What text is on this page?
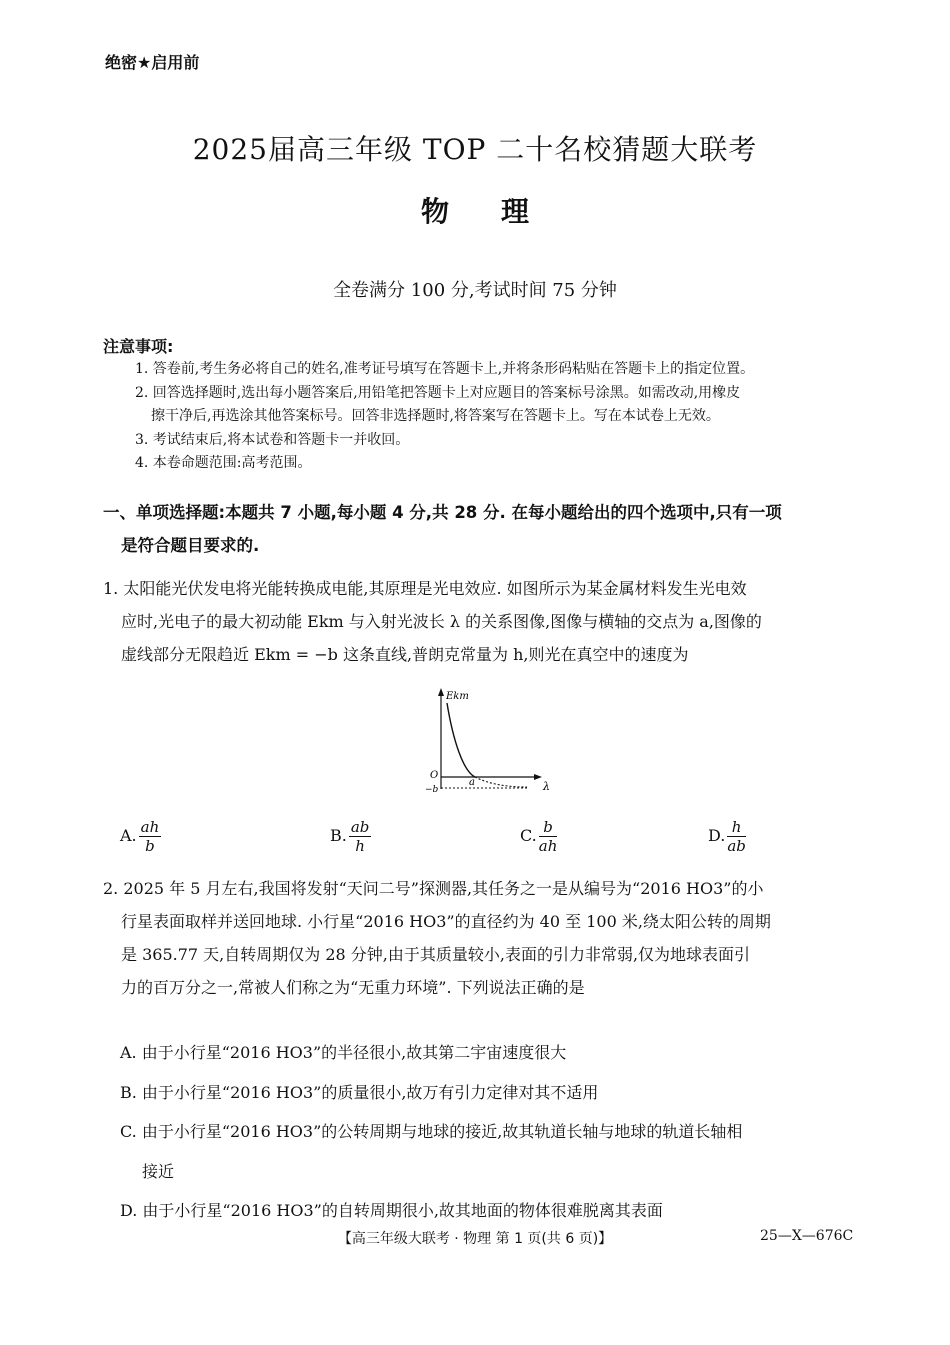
绝密★启用前
2025届高三年级 TOP 二十名校猜题大联考
物 理
全卷满分 100 分,考试时间 75 分钟
注意事项:
1. 答卷前,考生务必将自己的姓名,准考证号填写在答题卡上,并将条形码粘贴在答题卡上的指定位置。
2. 回答选择题时,选出每小题答案后,用铅笔把答题卡上对应题目的答案标号涂黑。如需改动,用橡皮
擦干净后,再选涂其他答案标号。回答非选择题时,将答案写在答题卡上。写在本试卷上无效。
3. 考试结束后,将本试卷和答题卡一并收回。
4. 本卷命题范围:高考范围。
一、单项选择题:本题共 7 小题,每小题 4 分,共 28 分. 在每小题给出的四个选项中,只有一项
是符合题目要求的.
1. 太阳能光伏发电将光能转换成电能,其原理是光电效应. 如图所示为某金属材料发生光电效
应时,光电子的最大初动能 Ekm 与入射光波长 λ 的关系图像,图像与横轴的交点为 a,图像的
虚线部分无限趋近 Ekm = −b 这条直线,普朗克常量为 h,则光在真空中的速度为
Ekm
λ
O
−b
a
A. $\frac{ah}{b}$	B. $\frac{ab}{h}$	C. $\frac{b}{ah}$	D. $\frac{h}{ab}$
2. 2025 年 5 月左右,我国将发射“天问二号”探测器,其任务之一是从编号为“2016 HO3”的小
行星表面取样并送回地球. 小行星“2016 HO3”的直径约为 40 至 100 米,绕太阳公转的周期
是 365.77 天,自转周期仅为 28 分钟,由于其质量较小,表面的引力非常弱,仅为地球表面引
力的百万分之一,常被人们称之为“无重力环境”. 下列说法正确的是
A. 由于小行星“2016 HO3”的半径很小,故其第二宇宙速度很大
B. 由于小行星“2016 HO3”的质量很小,故万有引力定律对其不适用
C. 由于小行星“2016 HO3”的公转周期与地球的接近,故其轨道长轴与地球的轨道长轴相
接近
D. 由于小行星“2016 HO3”的自转周期很小,故其地面的物体很难脱离其表面
【高三年级大联考 · 物理 第 1 页(共 6 页)】	25—X—676C
